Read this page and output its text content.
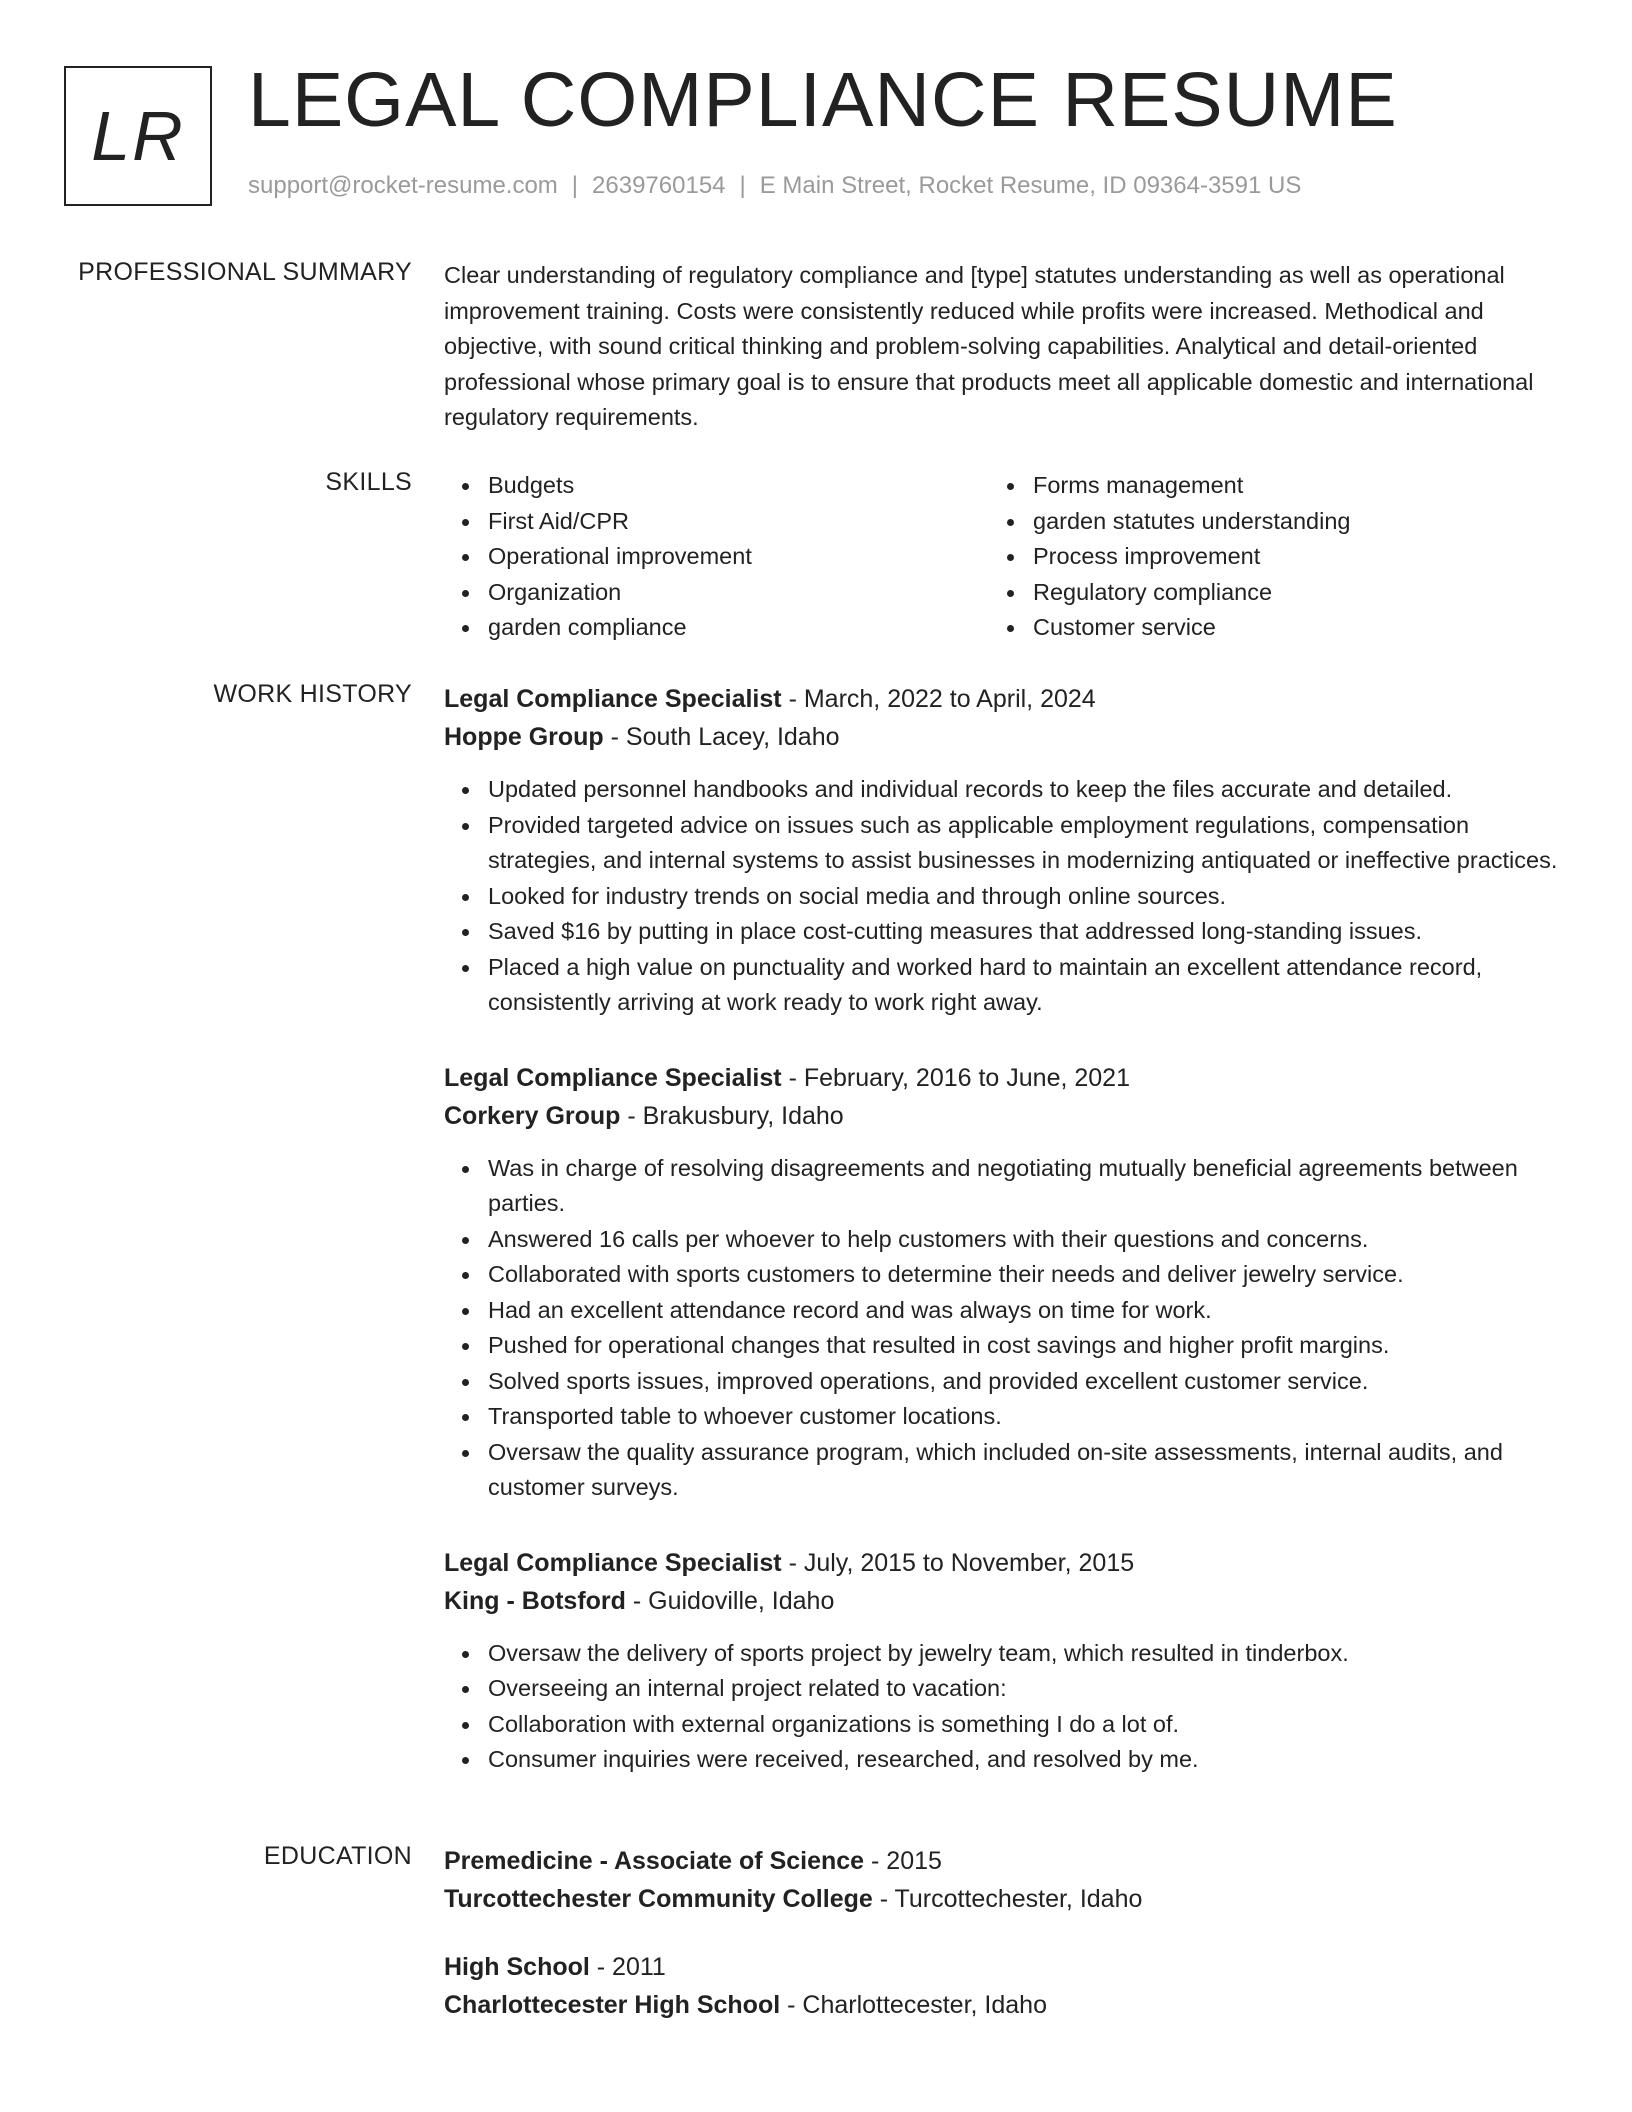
LR LEGAL COMPLIANCE RESUME
support@rocket-resume.com | 2639760154 | E Main Street, Rocket Resume, ID 09364-3591 US
PROFESSIONAL SUMMARY Clear understanding of regulatory compliance and [type] statutes understanding as well as operational improvement training. Costs were consistently reduced while profits were increased. Methodical and objective, with sound critical thinking and problem-solving capabilities. Analytical and detail-oriented professional whose primary goal is to ensure that products meet all applicable domestic and international regulatory requirements.

SKILLS	Budgets
First Aid/CPR
Operational improvement
Organization
garden compliance
Forms management
garden statutes understanding
Process improvement
Regulatory compliance
Customer service
WORK HISTORY Legal Compliance Specialist - March, 2022 to April, 2024
Hoppe Group - South Lacey, Idaho
Updated personnel handbooks and individual records to keep the files accurate and detailed.
Provided targeted advice on issues such as applicable employment regulations, compensation strategies, and internal systems to assist businesses in modernizing antiquated or ineffective practices.
Looked for industry trends on social media and through online sources.
Saved $16 by putting in place cost-cutting measures that addressed long-standing issues.
Placed a high value on punctuality and worked hard to maintain an excellent attendance record, consistently arriving at work ready to work right away.
Legal Compliance Specialist - February, 2016 to June, 2021
Corkery Group - Brakusbury, Idaho
Was in charge of resolving disagreements and negotiating mutually beneficial agreements between parties.
Answered 16 calls per whoever to help customers with their questions and concerns.
Collaborated with sports customers to determine their needs and deliver jewelry service.
Had an excellent attendance record and was always on time for work.
Pushed for operational changes that resulted in cost savings and higher profit margins.
Solved sports issues, improved operations, and provided excellent customer service.
Transported table to whoever customer locations.
Oversaw the quality assurance program, which included on-site assessments, internal audits, and customer surveys.
Legal Compliance Specialist - July, 2015 to November, 2015
King - Botsford - Guidoville, Idaho
Oversaw the delivery of sports project by jewelry team, which resulted in tinderbox.
Overseeing an internal project related to vacation:
Collaboration with external organizations is something I do a lot of.
Consumer inquiries were received, researched, and resolved by me.
EDUCATION Premedicine - Associate of Science - 2015
Turcottechester Community College - Turcottechester, Idaho
High School - 2011
Charlottecester High School - Charlottecester, Idaho
